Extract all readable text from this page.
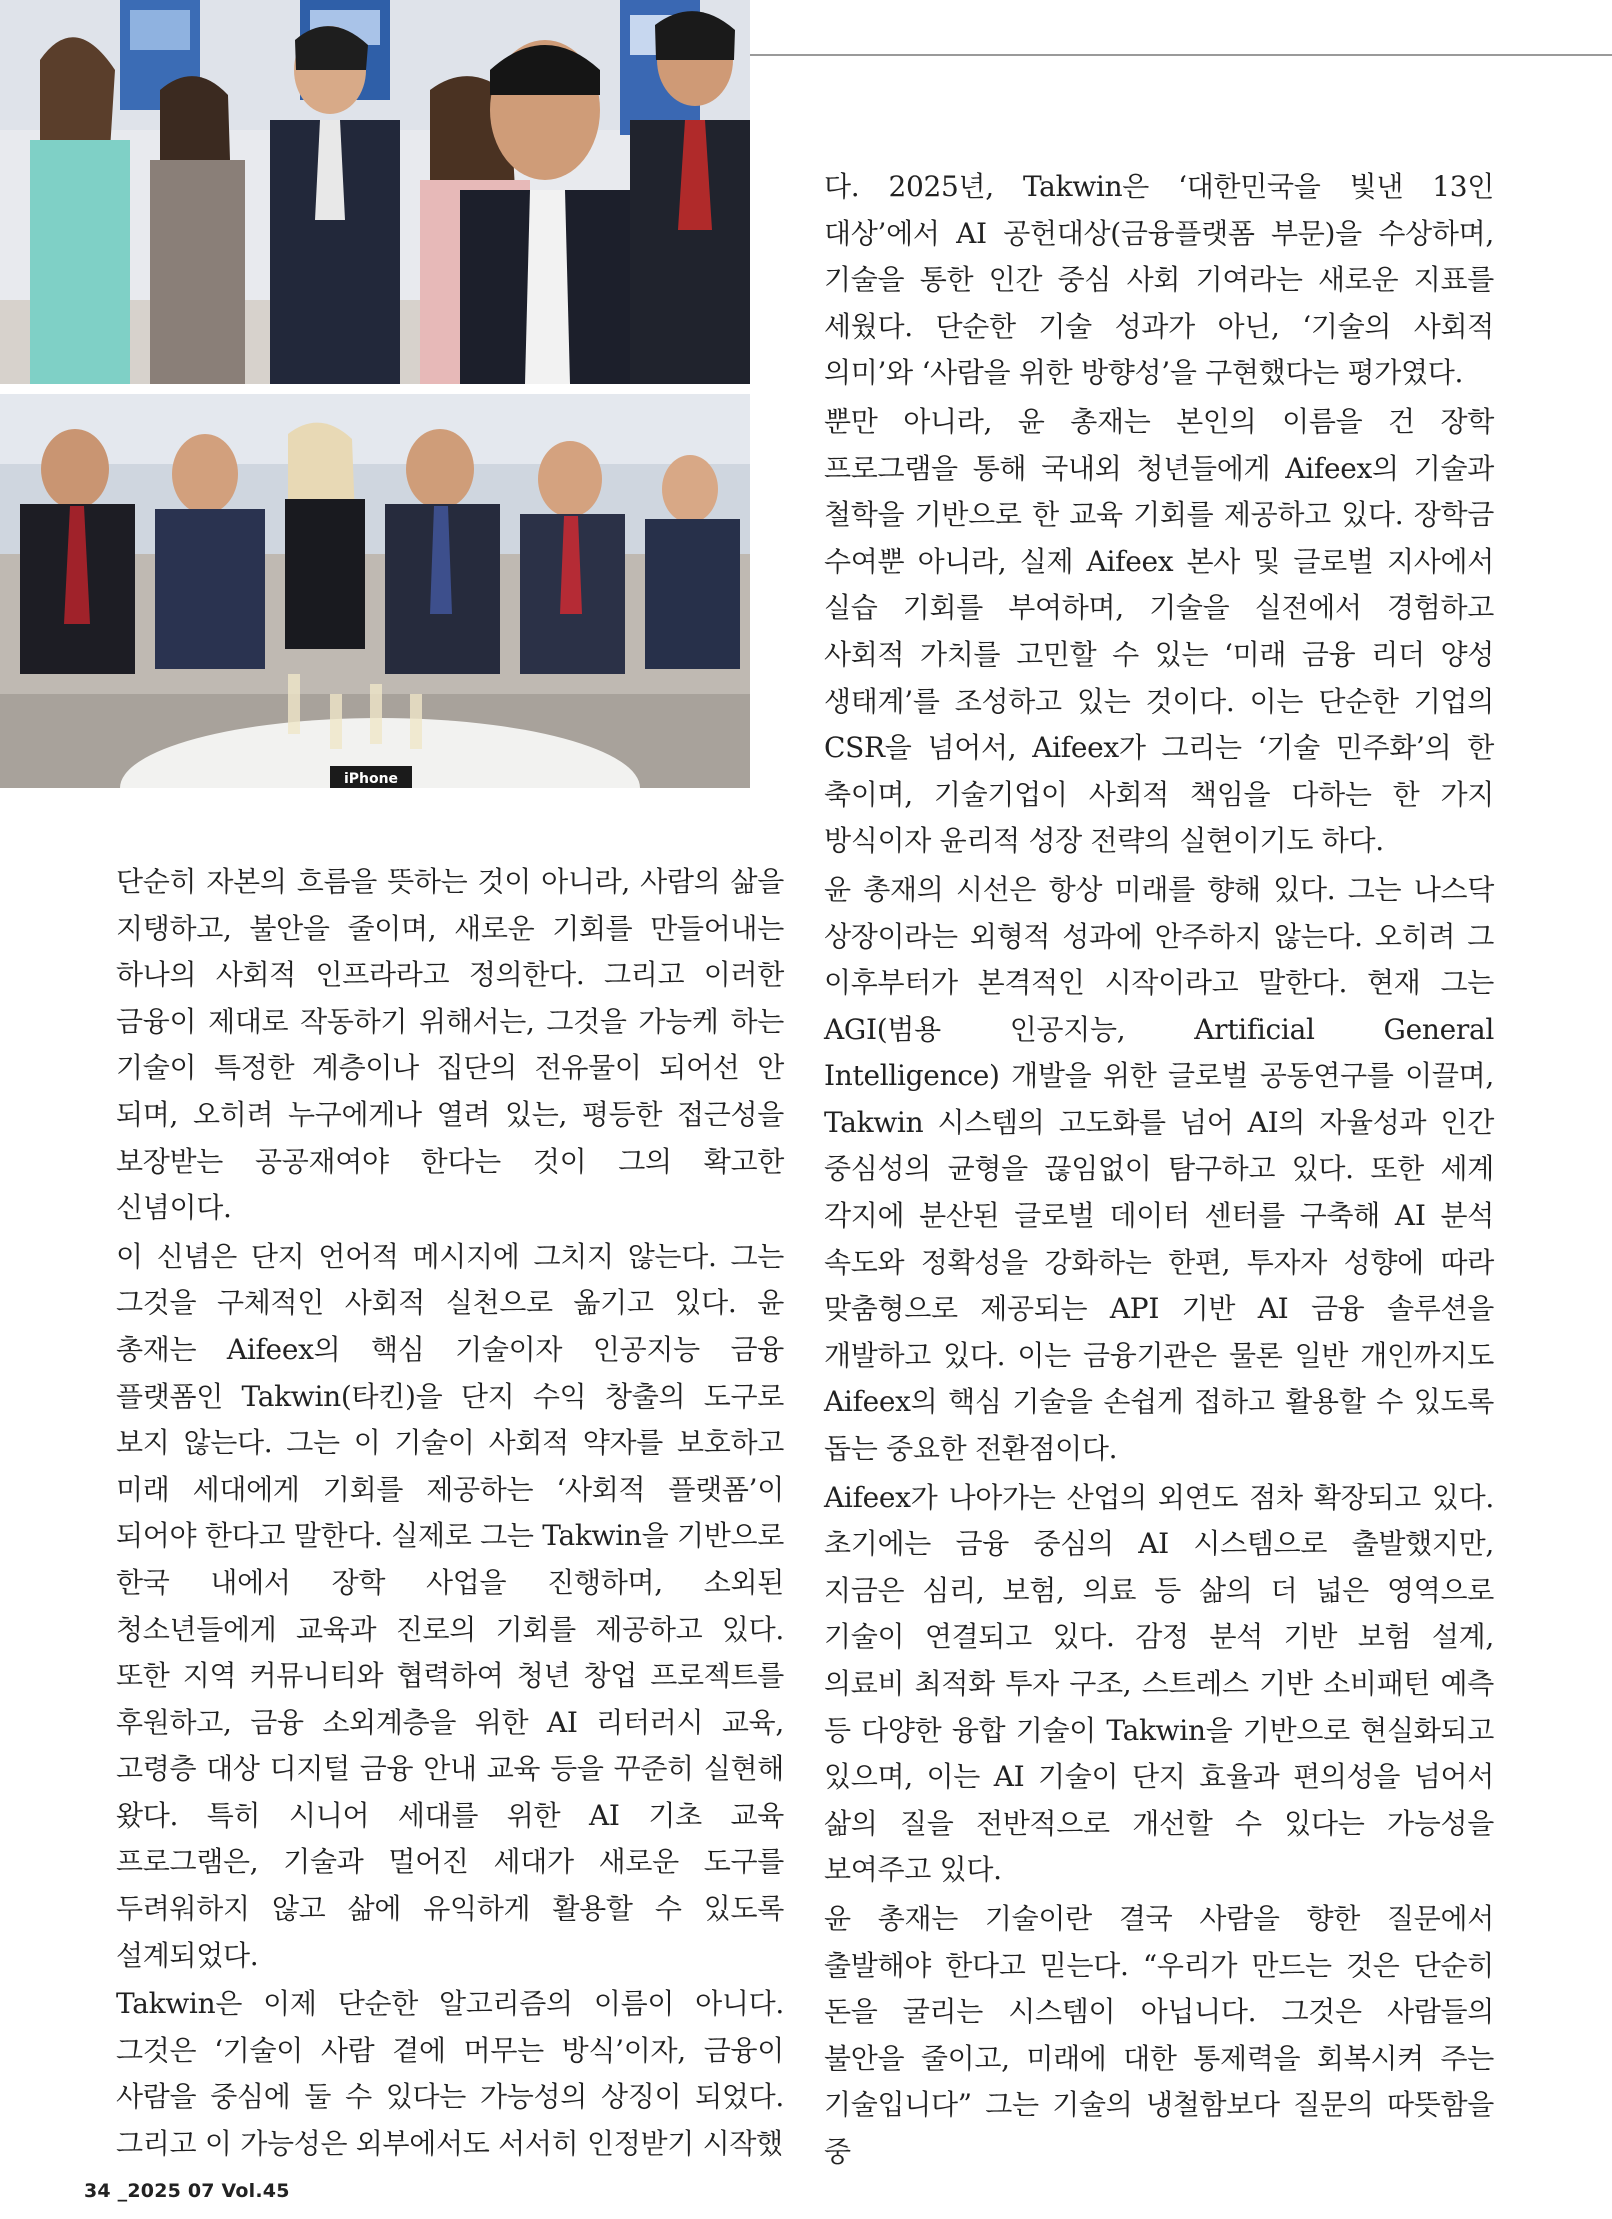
iPhone

단순히 자본의 흐름을 뜻하는 것이 아니라, 사람의 삶을 지탱하고, 불안을 줄이며, 새로운 기회를 만들어내는 하나의 사회적 인프라라고 정의한다. 그리고 이러한 금융이 제대로 작동하기 위해서는, 그것을 가능케 하는 기술이 특정한 계층이나 집단의 전유물이 되어선 안 되며, 오히려 누구에게나 열려 있는, 평등한 접근성을 보장받는 공공재여야 한다는 것이 그의 확고한 신념이다.

이 신념은 단지 언어적 메시지에 그치지 않는다. 그는 그것을 구체적인 사회적 실천으로 옮기고 있다. 윤 총재는 Aifeex의 핵심 기술이자 인공지능 금융 플랫폼인 Takwin(타킨)을 단지 수익 창출의 도구로 보지 않는다. 그는 이 기술이 사회적 약자를 보호하고 미래 세대에게 기회를 제공하는 ‘사회적 플랫폼’이 되어야 한다고 말한다. 실제로 그는 Takwin을 기반으로 한국 내에서 장학 사업을 진행하며, 소외된 청소년들에게 교육과 진로의 기회를 제공하고 있다. 또한 지역 커뮤니티와 협력하여 청년 창업 프로젝트를 후원하고, 금융 소외계층을 위한 AI 리터러시 교육, 고령층 대상 디지털 금융 안내 교육 등을 꾸준히 실현해 왔다. 특히 시니어 세대를 위한 AI 기초 교육 프로그램은, 기술과 멀어진 세대가 새로운 도구를 두려워하지 않고 삶에 유익하게 활용할 수 있도록 설계되었다.

Takwin은 이제 단순한 알고리즘의 이름이 아니다. 그것은 ‘기술이 사람 곁에 머무는 방식’이자, 금융이 사람을 중심에 둘 수 있다는 가능성의 상징이 되었다. 그리고 이 가능성은 외부에서도 서서히 인정받기 시작했

다. 2025년, Takwin은 ‘대한민국을 빛낸 13인 대상’에서 AI 공헌대상(금융플랫폼 부문)을 수상하며, 기술을 통한 인간 중심 사회 기여라는 새로운 지표를 세웠다. 단순한 기술 성과가 아닌, ‘기술의 사회적 의미’와 ‘사람을 위한 방향성’을 구현했다는 평가였다.

뿐만 아니라, 윤 총재는 본인의 이름을 건 장학 프로그램을 통해 국내외 청년들에게 Aifeex의 기술과 철학을 기반으로 한 교육 기회를 제공하고 있다. 장학금 수여뿐 아니라, 실제 Aifeex 본사 및 글로벌 지사에서 실습 기회를 부여하며, 기술을 실전에서 경험하고 사회적 가치를 고민할 수 있는 ‘미래 금융 리더 양성 생태계’를 조성하고 있는 것이다. 이는 단순한 기업의 CSR을 넘어서, Aifeex가 그리는 ‘기술 민주화’의 한 축이며, 기술기업이 사회적 책임을 다하는 한 가지 방식이자 윤리적 성장 전략의 실현이기도 하다.

윤 총재의 시선은 항상 미래를 향해 있다. 그는 나스닥 상장이라는 외형적 성과에 안주하지 않는다. 오히려 그 이후부터가 본격적인 시작이라고 말한다. 현재 그는 AGI(범용 인공지능, Artificial General Intelligence) 개발을 위한 글로벌 공동연구를 이끌며, Takwin 시스템의 고도화를 넘어 AI의 자율성과 인간 중심성의 균형을 끊임없이 탐구하고 있다. 또한 세계 각지에 분산된 글로벌 데이터 센터를 구축해 AI 분석 속도와 정확성을 강화하는 한편, 투자자 성향에 따라 맞춤형으로 제공되는 API 기반 AI 금융 솔루션을 개발하고 있다. 이는 금융기관은 물론 일반 개인까지도 Aifeex의 핵심 기술을 손쉽게 접하고 활용할 수 있도록 돕는 중요한 전환점이다.

Aifeex가 나아가는 산업의 외연도 점차 확장되고 있다. 초기에는 금융 중심의 AI 시스템으로 출발했지만, 지금은 심리, 보험, 의료 등 삶의 더 넓은 영역으로 기술이 연결되고 있다. 감정 분석 기반 보험 설계, 의료비 최적화 투자 구조, 스트레스 기반 소비패턴 예측 등 다양한 융합 기술이 Takwin을 기반으로 현실화되고 있으며, 이는 AI 기술이 단지 효율과 편의성을 넘어서 삶의 질을 전반적으로 개선할 수 있다는 가능성을 보여주고 있다.

윤 총재는 기술이란 결국 사람을 향한 질문에서 출발해야 한다고 믿는다. “우리가 만드는 것은 단순히 돈을 굴리는 시스템이 아닙니다. 그것은 사람들의 불안을 줄이고, 미래에 대한 통제력을 회복시켜 주는 기술입니다” 그는 기술의 냉철함보다 질문의 따뜻함을 중

34 _2025 07 Vol.45
